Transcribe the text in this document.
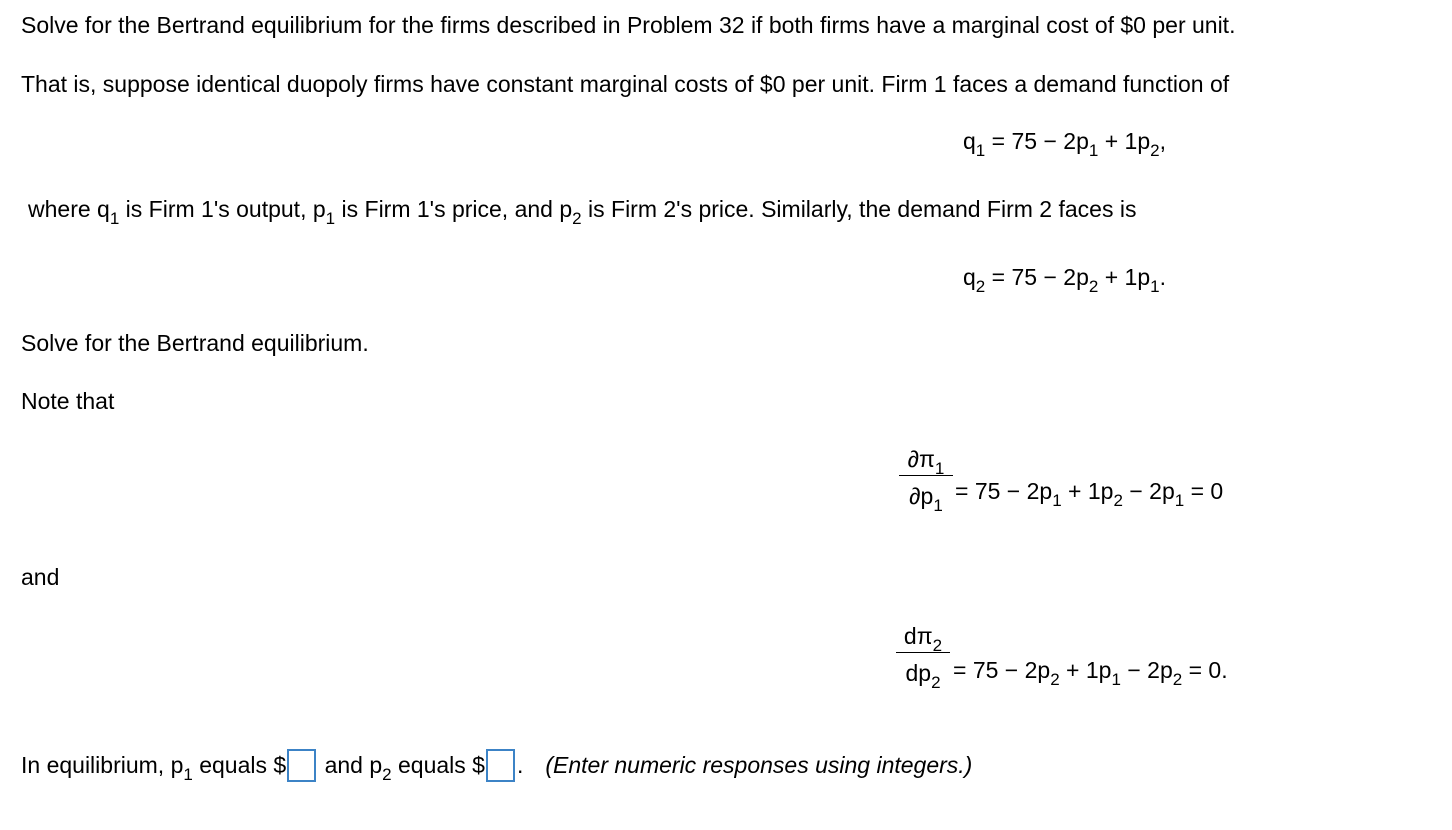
Solve for the Bertrand equilibrium for the firms described in Problem 32 if both firms have a marginal cost of $0 per unit.
That is, suppose identical duopoly firms have constant marginal costs of $0 per unit. Firm 1 faces a demand function of
$q_1 = 75 - 2p_1 + 1p_2$,
where $q_1$ is Firm 1's output, $p_1$ is Firm 1's price, and $p_2$ is Firm 2's price. Similarly, the demand Firm 2 faces is
$q_2 = 75 - 2p_2 + 1p_1$.
Solve for the Bertrand equilibrium.
Note that
$\partial\pi_1$
$\partial p_1$
= $75 - 2p_1 + 1p_2 - 2p_1 = 0$
and
$d\pi_2$
$dp_2 = 75 - 2p_2 + 1p_1 - 2p_2 = 0$.
In equilibrium, $p_1$ equals $ and $p_2$ equals $ . (Enter numeric responses using integers.)
